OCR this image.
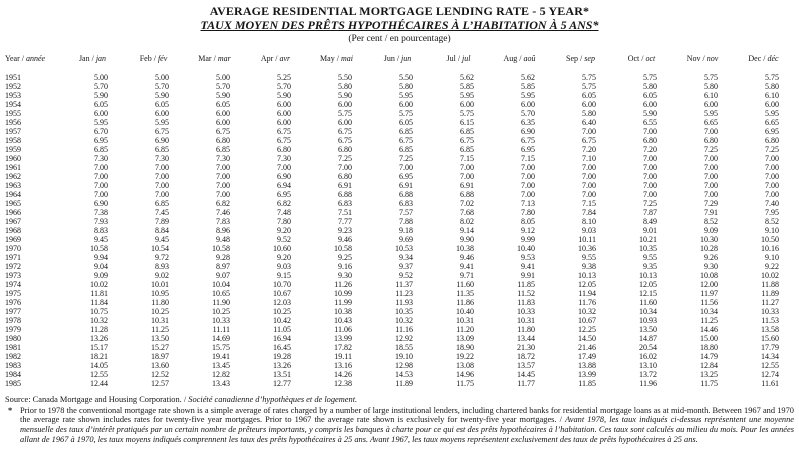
AVERAGE RESIDENTIAL MORTGAGE LENDING RATE - 5 YEAR*
TAUX MOYEN DES PRÊTS HYPOTHÉCAIRES À L’HABITATION À 5 ANS*
(Per cent / en pourcentage)
Year / année	Jan / jan	Feb / fév	Mar / mar	Apr / avr	May / mai	Jun / jun	Jul / jul	Aug / aoû	Sep / sep	Oct / oct	Nov / nov	Dec / déc
1951	5.00	5.00	5.00	5.25	5.50	5.50	5.62	5.62	5.75	5.75	5.75	5.75
1952	5.70	5.70	5.70	5.70	5.80	5.80	5.85	5.85	5.75	5.80	5.80	5.80
1953	5.90	5.90	5.90	5.90	5.90	5.95	5.95	5.95	6.05	6.05	6.10	6.10
1954	6.05	6.05	6.05	6.00	6.00	6.00	6.00	6.00	6.00	6.00	6.00	6.00
1955	6.00	6.00	6.00	6.00	5.75	5.75	5.75	5.70	5.80	5.90	5.95	5.95
1956	5.95	5.95	6.00	6.00	6.00	6.05	6.15	6.35	6.40	6.55	6.65	6.65
1957	6.70	6.75	6.75	6.75	6.75	6.85	6.85	6.90	7.00	7.00	7.00	6.95
1958	6.95	6.90	6.80	6.75	6.75	6.75	6.75	6.75	6.75	6.80	6.80	6.80
1959	6.85	6.85	6.85	6.80	6.80	6.85	6.85	6.95	7.20	7.20	7.25	7.25
1960	7.30	7.30	7.30	7.30	7.25	7.25	7.15	7.15	7.10	7.00	7.00	7.00
1961	7.00	7.00	7.00	7.00	7.00	7.00	7.00	7.00	7.00	7.00	7.00	7.00
1962	7.00	7.00	7.00	6.90	6.80	6.95	7.00	7.00	7.00	7.00	7.00	7.00
1963	7.00	7.00	7.00	6.94	6.91	6.91	6.91	7.00	7.00	7.00	7.00	7.00
1964	7.00	7.00	7.00	6.95	6.88	6.88	6.88	7.00	7.00	7.00	7.00	7.00
1965	6.90	6.85	6.82	6.82	6.83	6.83	7.02	7.13	7.15	7.25	7.29	7.40
1966	7.38	7.45	7.46	7.48	7.51	7.57	7.68	7.80	7.84	7.87	7.91	7.95
1967	7.93	7.89	7.83	7.80	7.77	7.88	8.02	8.05	8.10	8.49	8.52	8.52
1968	8.83	8.84	8.96	9.20	9.23	9.18	9.14	9.12	9.03	9.01	9.09	9.10
1969	9.45	9.45	9.48	9.52	9.46	9.69	9.90	9.99	10.11	10.21	10.30	10.50
1970	10.58	10.54	10.58	10.60	10.58	10.53	10.38	10.40	10.36	10.35	10.28	10.16
1971	9.94	9.72	9.28	9.20	9.25	9.34	9.46	9.53	9.55	9.55	9.26	9.10
1972	9.04	8.93	8.97	9.03	9.16	9.37	9.41	9.41	9.38	9.35	9.30	9.22
1973	9.09	9.02	9.07	9.15	9.30	9.52	9.71	9.91	10.13	10.13	10.08	10.02
1974	10.02	10.01	10.04	10.70	11.26	11.37	11.60	11.85	12.05	12.05	12.00	11.88
1975	11.81	10.95	10.65	10.67	10.99	11.23	11.35	11.52	11.94	12.15	11.97	11.89
1976	11.84	11.80	11.90	12.03	11.99	11.93	11.86	11.83	11.76	11.60	11.56	11.27
1977	10.75	10.25	10.25	10.25	10.38	10.35	10.40	10.33	10.32	10.34	10.34	10.33
1978	10.32	10.31	10.33	10.42	10.43	10.32	10.31	10.31	10.67	10.93	11.25	11.53
1979	11.28	11.25	11.11	11.05	11.06	11.16	11.20	11.80	12.25	13.50	14.46	13.58
1980	13.26	13.50	14.69	16.94	13.99	12.92	13.09	13.44	14.50	14.87	15.00	15.60
1981	15.17	15.27	15.75	16.45	17.82	18.55	18.90	21.30	21.46	20.54	18.80	17.79
1982	18.21	18.97	19.41	19.28	19.11	19.10	19.22	18.72	17.49	16.02	14.79	14.34
1983	14.05	13.60	13.45	13.26	13.16	12.98	13.08	13.57	13.88	13.10	12.84	12.55
1984	12.55	12.52	12.82	13.51	14.26	14.53	14.96	14.45	13.99	13.72	13.25	12.74
1985	12.44	12.57	13.43	12.77	12.38	11.89	11.75	11.77	11.85	11.96	11.75	11.61

Source: Canada Mortgage and Housing Corporation. / Société canadienne d’hypothèques et de logement.

* Prior to 1978 the conventional mortgage rate shown is a simple average of rates charged by a number of large institutional lenders, including chartered banks for residential mortgage loans as at mid-month. Between 1967 and 1970 the average rate shown includes rates for twenty-five year mortgages. Prior to 1967 the average rate shown is exclusively for twenty-five year mortgages. / Avant 1978, les taux indiqués ci-dessus représentent une moyenne mensuelle des taux d’intérêt pratiqués par un certain nombre de prêteurs importants, y compris les banques à charte pour ce qui est des prêts hypothécaires à l’habitation. Ces taux sont calculés au milieu du mois. Pour les années allant de 1967 à 1970, les taux moyens indiqués comprennent les taux des prêts hypothécaires à 25 ans. Avant 1967, les taux moyens représentent exclusivement des taux de prêts hypothécaires à 25 ans.
